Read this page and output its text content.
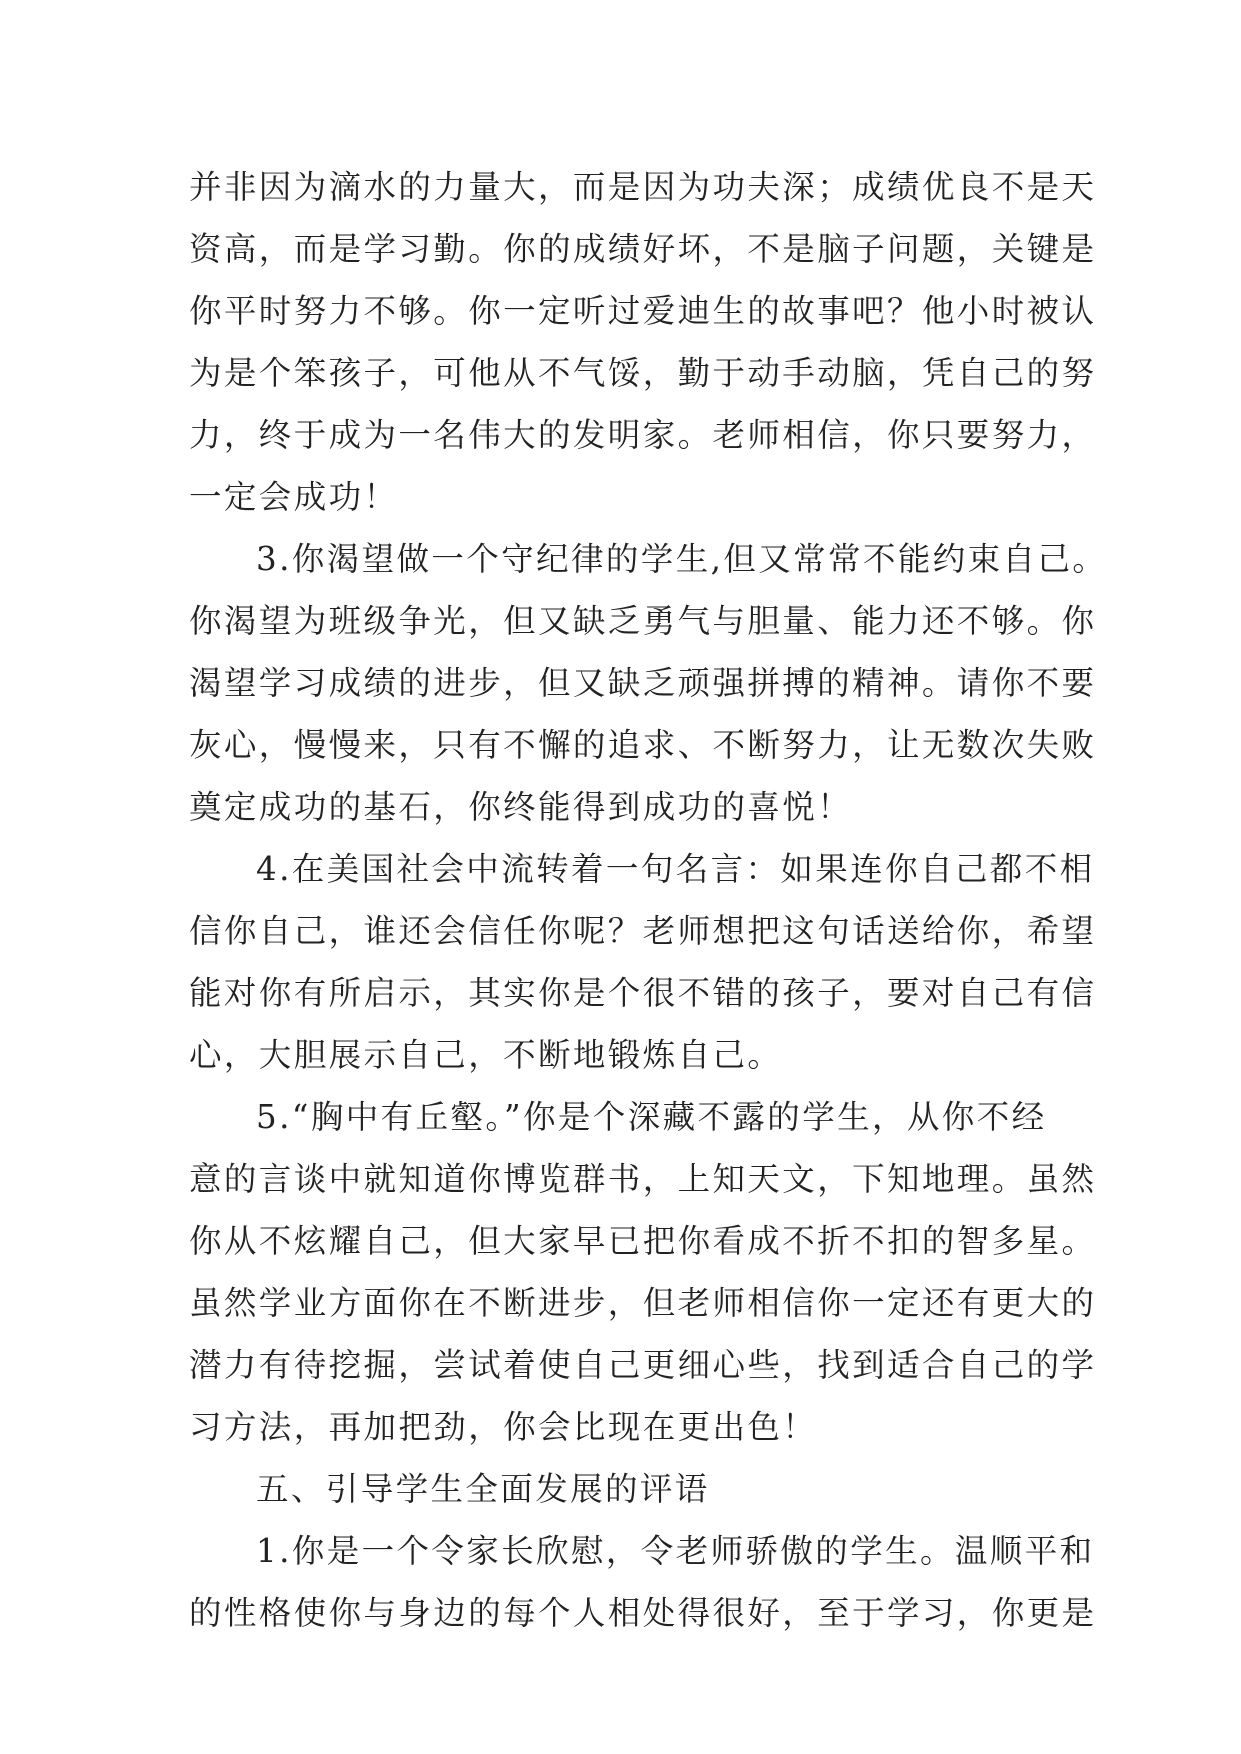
并非因为滴水的力量大，而是因为功夫深；成绩优良不是天
资高，而是学习勤。你的成绩好坏，不是脑子问题，关键是
你平时努力不够。你一定听过爱迪生的故事吧？他小时被认
为是个笨孩子，可他从不气馁，勤于动手动脑，凭自己的努
力，终于成为一名伟大的发明家。老师相信，你只要努力，
一定会成功！
3.你渴望做一个守纪律的学生,但又常常不能约束自己。
你渴望为班级争光，但又缺乏勇气与胆量、能力还不够。你
渴望学习成绩的进步，但又缺乏顽强拼搏的精神。请你不要
灰心，慢慢来，只有不懈的追求、不断努力，让无数次失败
奠定成功的基石，你终能得到成功的喜悦！
4.在美国社会中流转着一句名言：如果连你自己都不相
信你自己，谁还会信任你呢？老师想把这句话送给你，希望
能对你有所启示，其实你是个很不错的孩子，要对自己有信
心，大胆展示自己，不断地锻炼自己。
5.“胸中有丘壑。”你是个深藏不露的学生，从你不经
意的言谈中就知道你博览群书，上知天文，下知地理。虽然
你从不炫耀自己，但大家早已把你看成不折不扣的智多星。
虽然学业方面你在不断进步，但老师相信你一定还有更大的
潜力有待挖掘，尝试着使自己更细心些，找到适合自己的学
习方法，再加把劲，你会比现在更出色！
五、引导学生全面发展的评语
1.你是一个令家长欣慰，令老师骄傲的学生。温顺平和
的性格使你与身边的每个人相处得很好，至于学习，你更是
